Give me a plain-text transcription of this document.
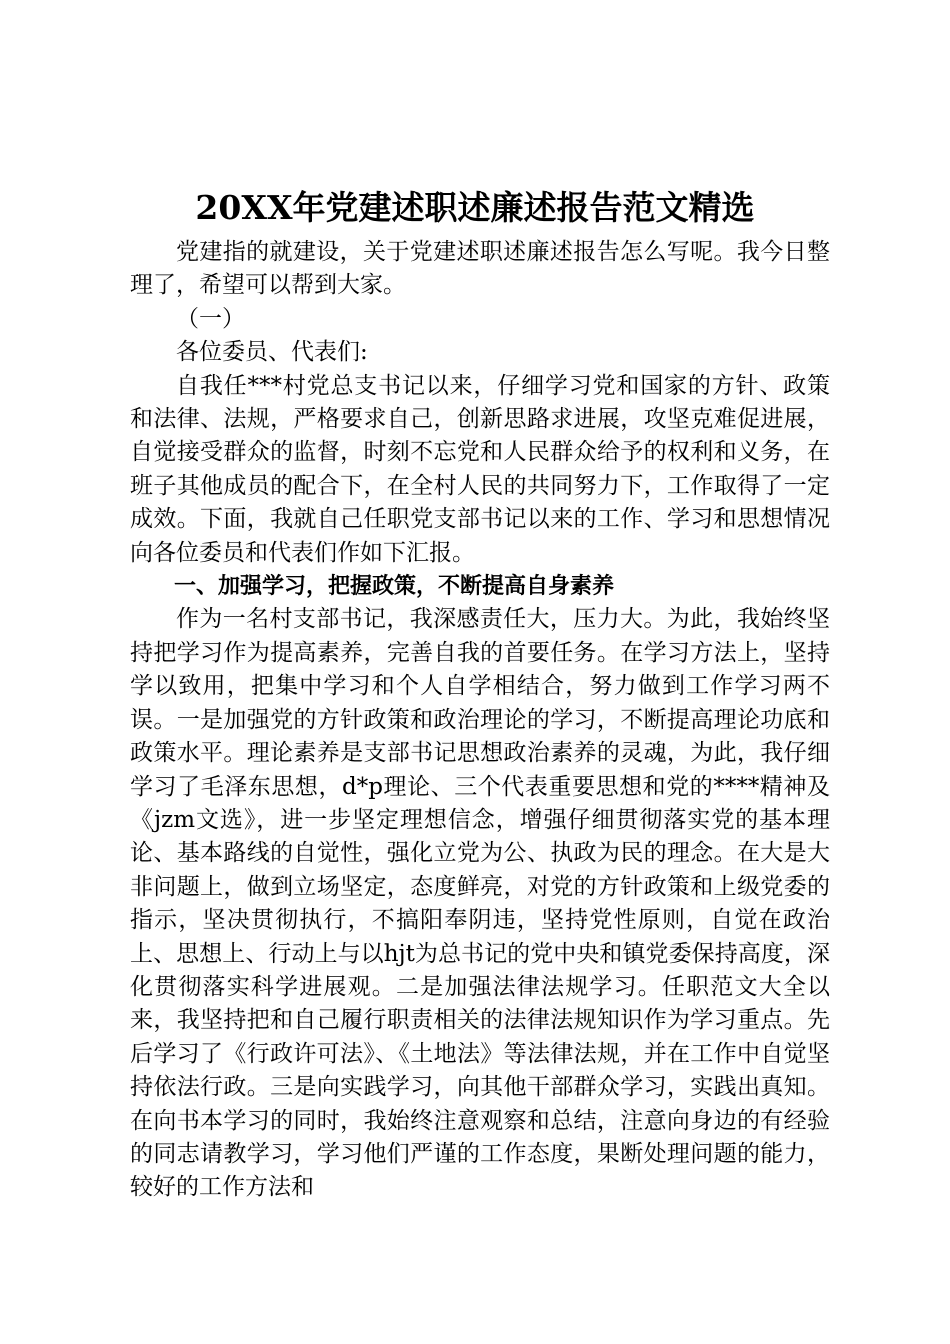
20XX年党建述职述廉述报告范文精选

党建指的就建设，关于党建述职述廉述报告怎么写呢。我今日整理了，希望可以帮到大家。

（一）

各位委员、代表们:

自我任***村党总支书记以来，仔细学习党和国家的方针、政策和法律、法规，严格要求自己，创新思路求进展，攻坚克难促进展，自觉接受群众的监督，时刻不忘党和人民群众给予的权利和义务，在班子其他成员的配合下，在全村人民的共同努力下，工作取得了一定成效。下面，我就自己任职党支部书记以来的工作、学习和思想情况向各位委员和代表们作如下汇报。

一、加强学习，把握政策，不断提高自身素养

作为一名村支部书记，我深感责任大，压力大。为此，我始终坚持把学习作为提高素养，完善自我的首要任务。在学习方法上，坚持学以致用，把集中学习和个人自学相结合，努力做到工作学习两不误。一是加强党的方针政策和政治理论的学习，不断提高理论功底和政策水平。理论素养是支部书记思想政治素养的灵魂，为此，我仔细学习了毛泽东思想，d*p理论、三个代表重要思想和党的****精神及《jzm文选》，进一步坚定理想信念，增强仔细贯彻落实党的基本理论、基本路线的自觉性，强化立党为公、执政为民的理念。在大是大非问题上，做到立场坚定，态度鲜亮，对党的方针政策和上级党委的指示，坚决贯彻执行，不搞阳奉阴违，坚持党性原则，自觉在政治上、思想上、行动上与以hjt为总书记的党中央和镇党委保持高度，深化贯彻落实科学进展观。二是加强法律法规学习。任职范文大全以来，我坚持把和自己履行职责相关的法律法规知识作为学习重点。先后学习了《行政许可法》、《土地法》等法律法规，并在工作中自觉坚持依法行政。三是向实践学习，向其他干部群众学习，实践出真知。在向书本学习的同时，我始终注意观察和总结，注意向身边的有经验的同志请教学习，学习他们严谨的工作态度，果断处理问题的能力，较好的工作方法和
